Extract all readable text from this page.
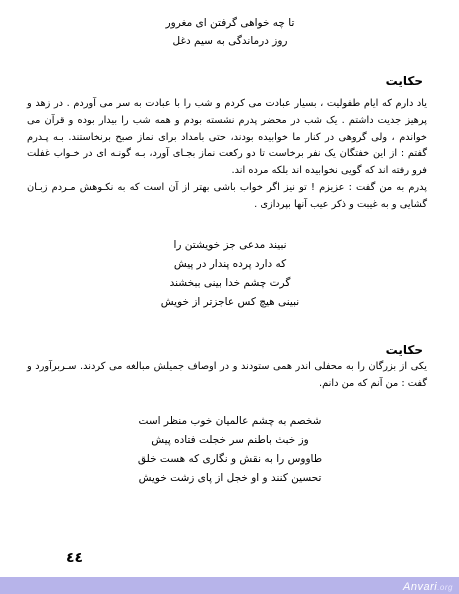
تا چه خواهی گرفتن ای مغرور
روز درماندگی به سیم دغل
حکایت
یاد دارم که ایام طفولیت ، بسیار عبادت می کردم و شب را با عبادت به سر می آوردم . در زهد و پرهیز جدیت داشتم . یک شب در محضر پدرم نشسته بودم و همه شب را بیدار بوده و قرآن می خواندم ، ولی گروهی در کنار ما خوابیده بودند، حتی بامداد برای نماز صبح برنخاستند. بـه پـدرم گفتم : از این خفتگان یک نفر برخاست تا دو رکعت نماز بجـای آورد، بـه گونـه ای در خـواب غفلت فرو رفته اند که گویی نخوابیده اند بلکه مرده اند.
پدرم به من گفت : عزیزم ! تو نیز اگر خواب باشی بهتر از آن است که به نکـوهش مـردم زبـان گشایی و به غیبت و ذکر عیب آنها بپردازی .
نبیند مدعی جز خویشتن را
که دارد پرده پندار در پیش
گرت چشم خدا بینی ببخشند
نبینی هیچ کس عاجزتر از خویش
حکایت
یکی از بزرگان را به محفلی اندر همی ستودند و در اوصاف جمیلش مبالغه می کردند. سـربرآورد و گفت : من آنم که من دانم.
شخصم به چشم عالمیان خوب منظر است
وز خبث باطنم سر خجلت فتاده پیش
طاووس را به نقش و نگاری که هست خلق
تحسین کنند و او خجل از پای زشت خویش
٤٤
Anvari.org
